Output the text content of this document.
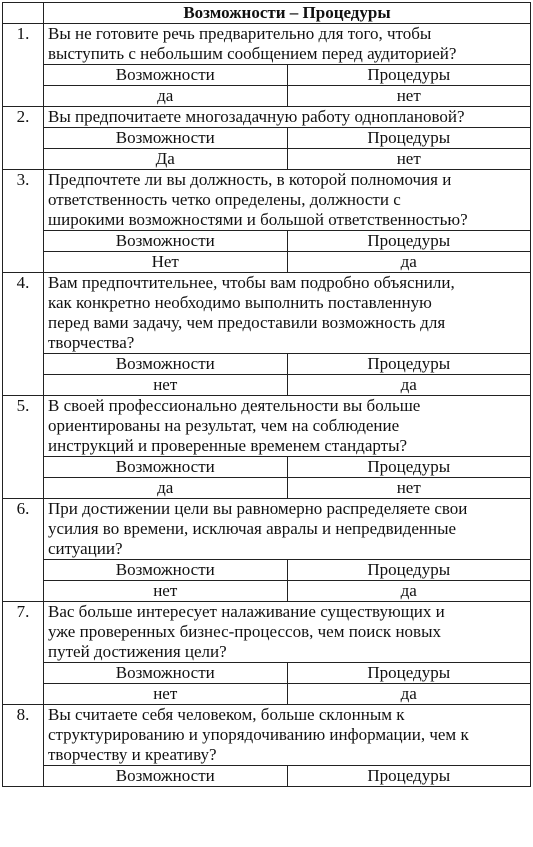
	Возможности – Процедуры	
1.	Вы не готовите речь предварительно для того, чтобы
выступить с небольшим сообщением перед аудиторией?	

	Возможности	Процедуры
	да	нет
2.	Вы предпочитаете многозадачную работу одноплановой?	

	Возможности	Процедуры
	Да	нет
3.	Предпочтете ли вы должность, в которой полномочия и
ответственность четко определены, должности с
широкими возможностями и большой ответственностью?	

	Возможности	Процедуры
	Нет	да
4.	Вам предпочтительнее, чтобы вам подробно объяснили,
как конкретно необходимо выполнить поставленную
перед вами задачу, чем предоставили возможность для
творчества?	

	Возможности	Процедуры
	нет	да
5.	В своей профессионально деятельности вы больше
ориентированы на результат, чем на соблюдение
инструкций и проверенные временем стандарты?	

	Возможности	Процедуры
	да	нет
6.	При достижении цели вы равномерно распределяете свои
усилия во времени, исключая авралы и непредвиденные
ситуации?	

	Возможности	Процедуры
	нет	да
7.	Вас больше интересует налаживание существующих и
уже проверенных бизнес-процессов, чем поиск новых
путей достижения цели?	

	Возможности	Процедуры
	нет	да
8.	Вы считаете себя человеком, больше склонным к
структурированию и упорядочиванию информации, чем к
творчеству и креативу?	

	Возможности	Процедуры
